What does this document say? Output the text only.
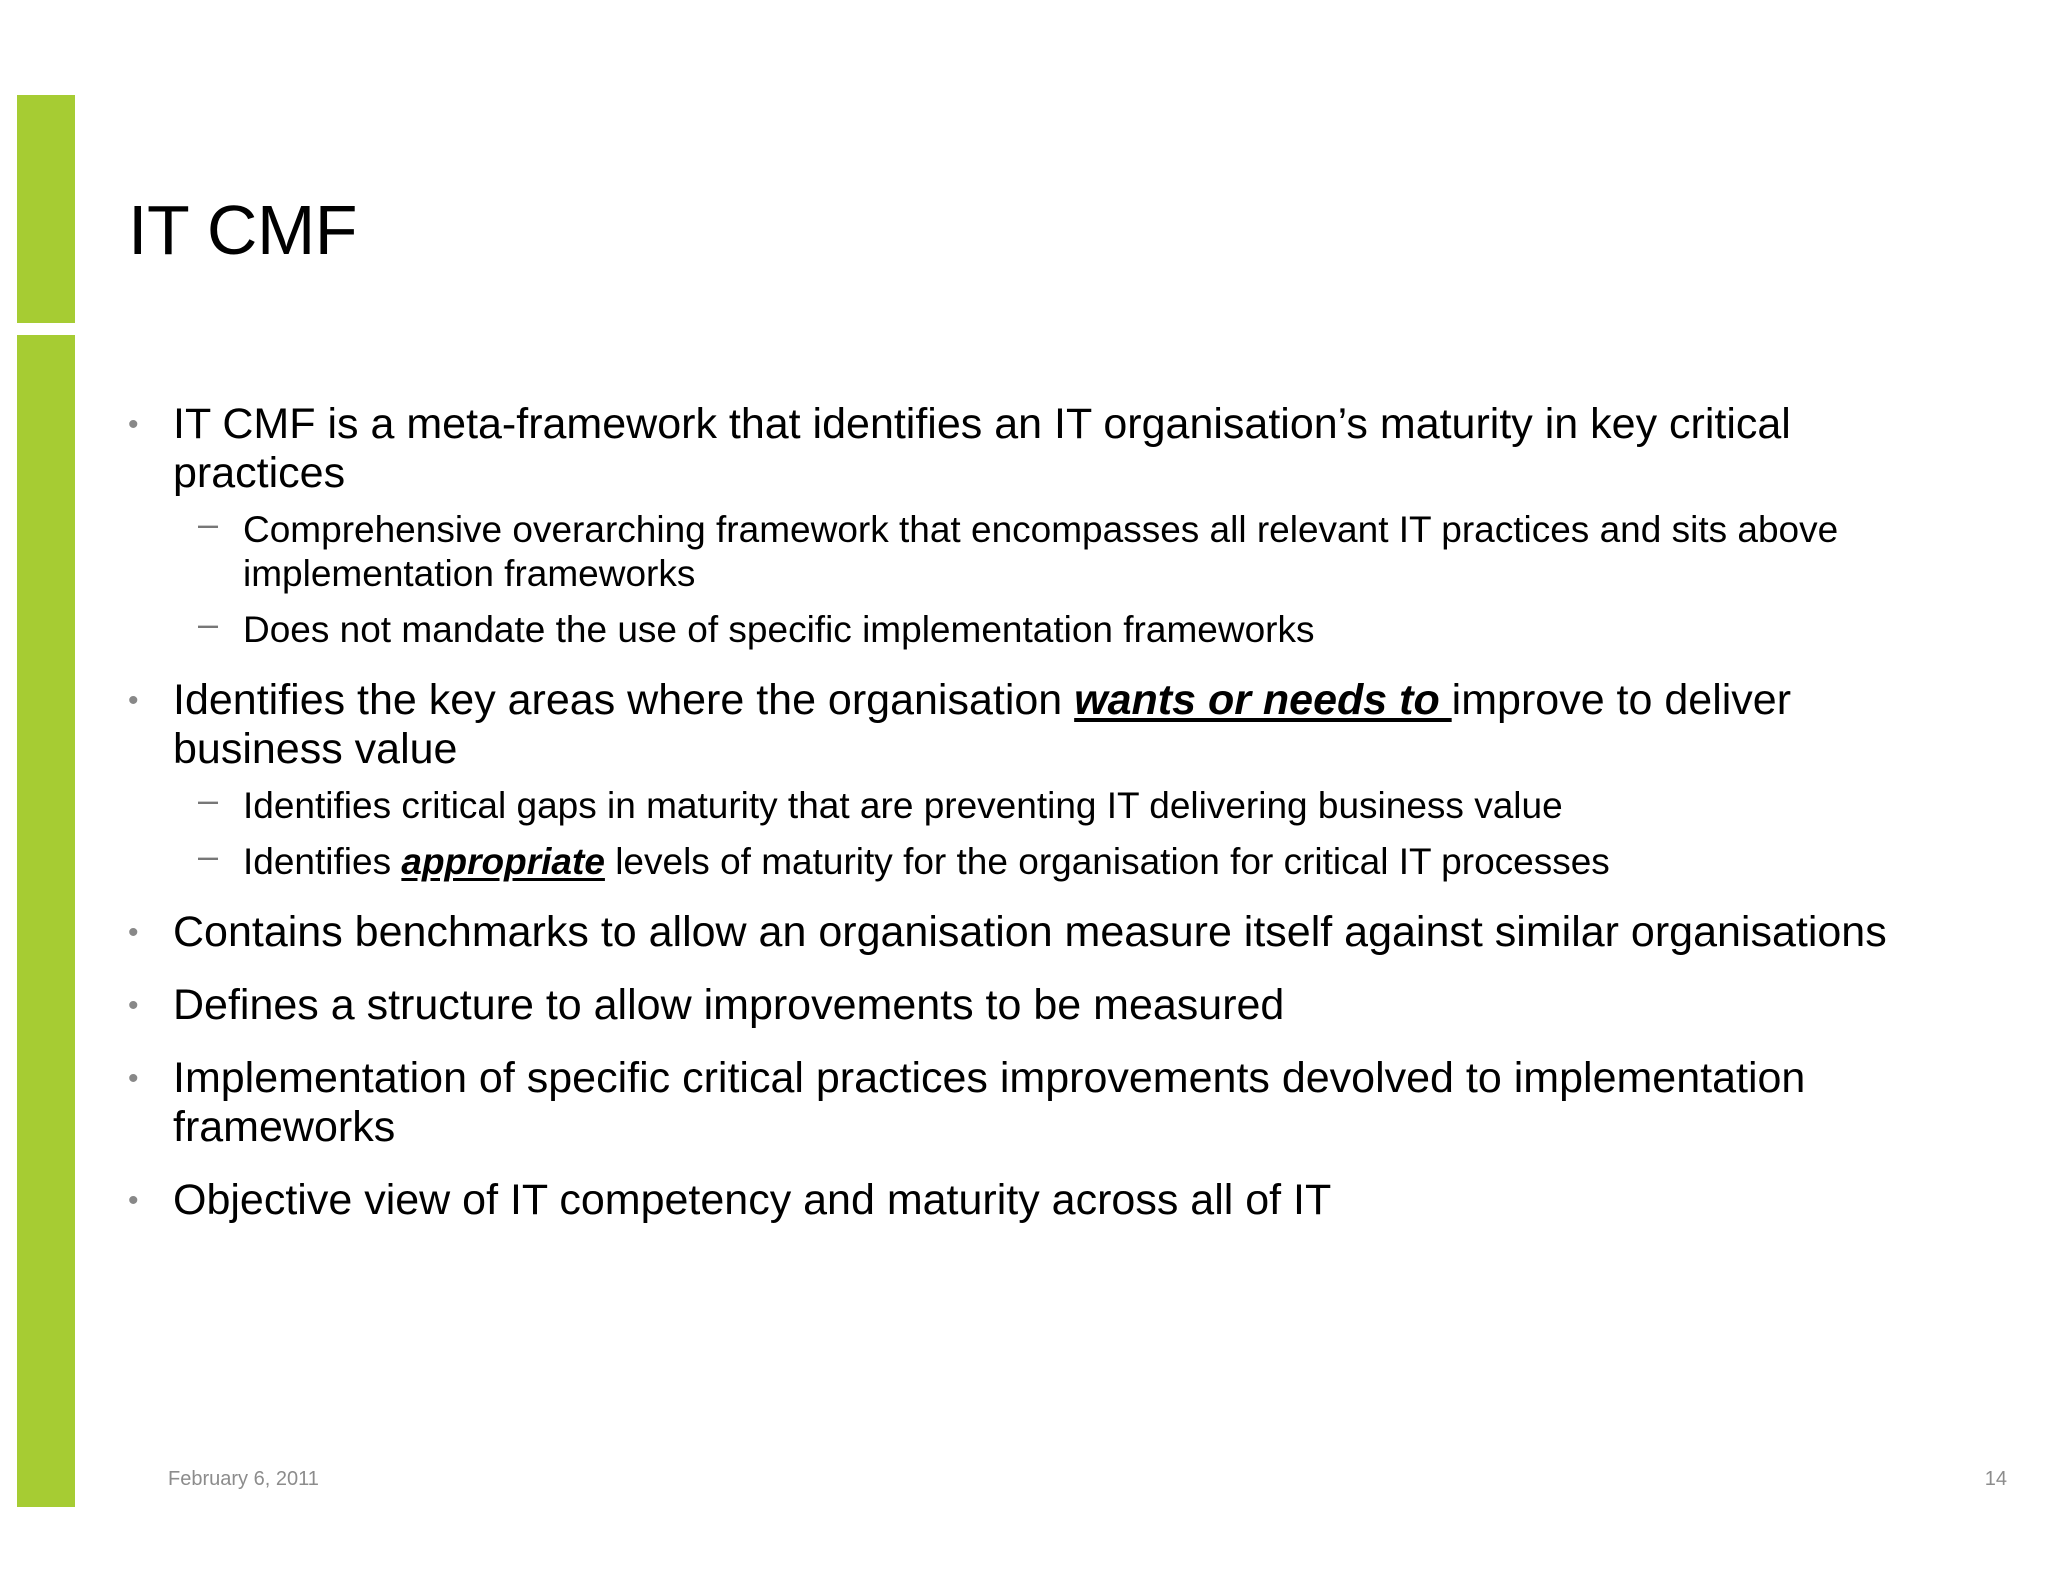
IT CMF
• IT CMF is a meta-framework that identifies an IT organisation’s maturity in key critical practices
– Comprehensive overarching framework that encompasses all relevant IT practices and sits above implementation frameworks
– Does not mandate the use of specific implementation frameworks
• Identifies the key areas where the organisation wants or needs to improve to deliver business value
– Identifies critical gaps in maturity that are preventing IT delivering business value
– Identifies appropriate levels of maturity for the organisation for critical IT processes
• Contains benchmarks to allow an organisation measure itself against similar organisations
• Defines a structure to allow improvements to be measured
• Implementation of specific critical practices improvements devolved to implementation frameworks
• Objective view of IT competency and maturity across all of IT
February 6, 2011	14
